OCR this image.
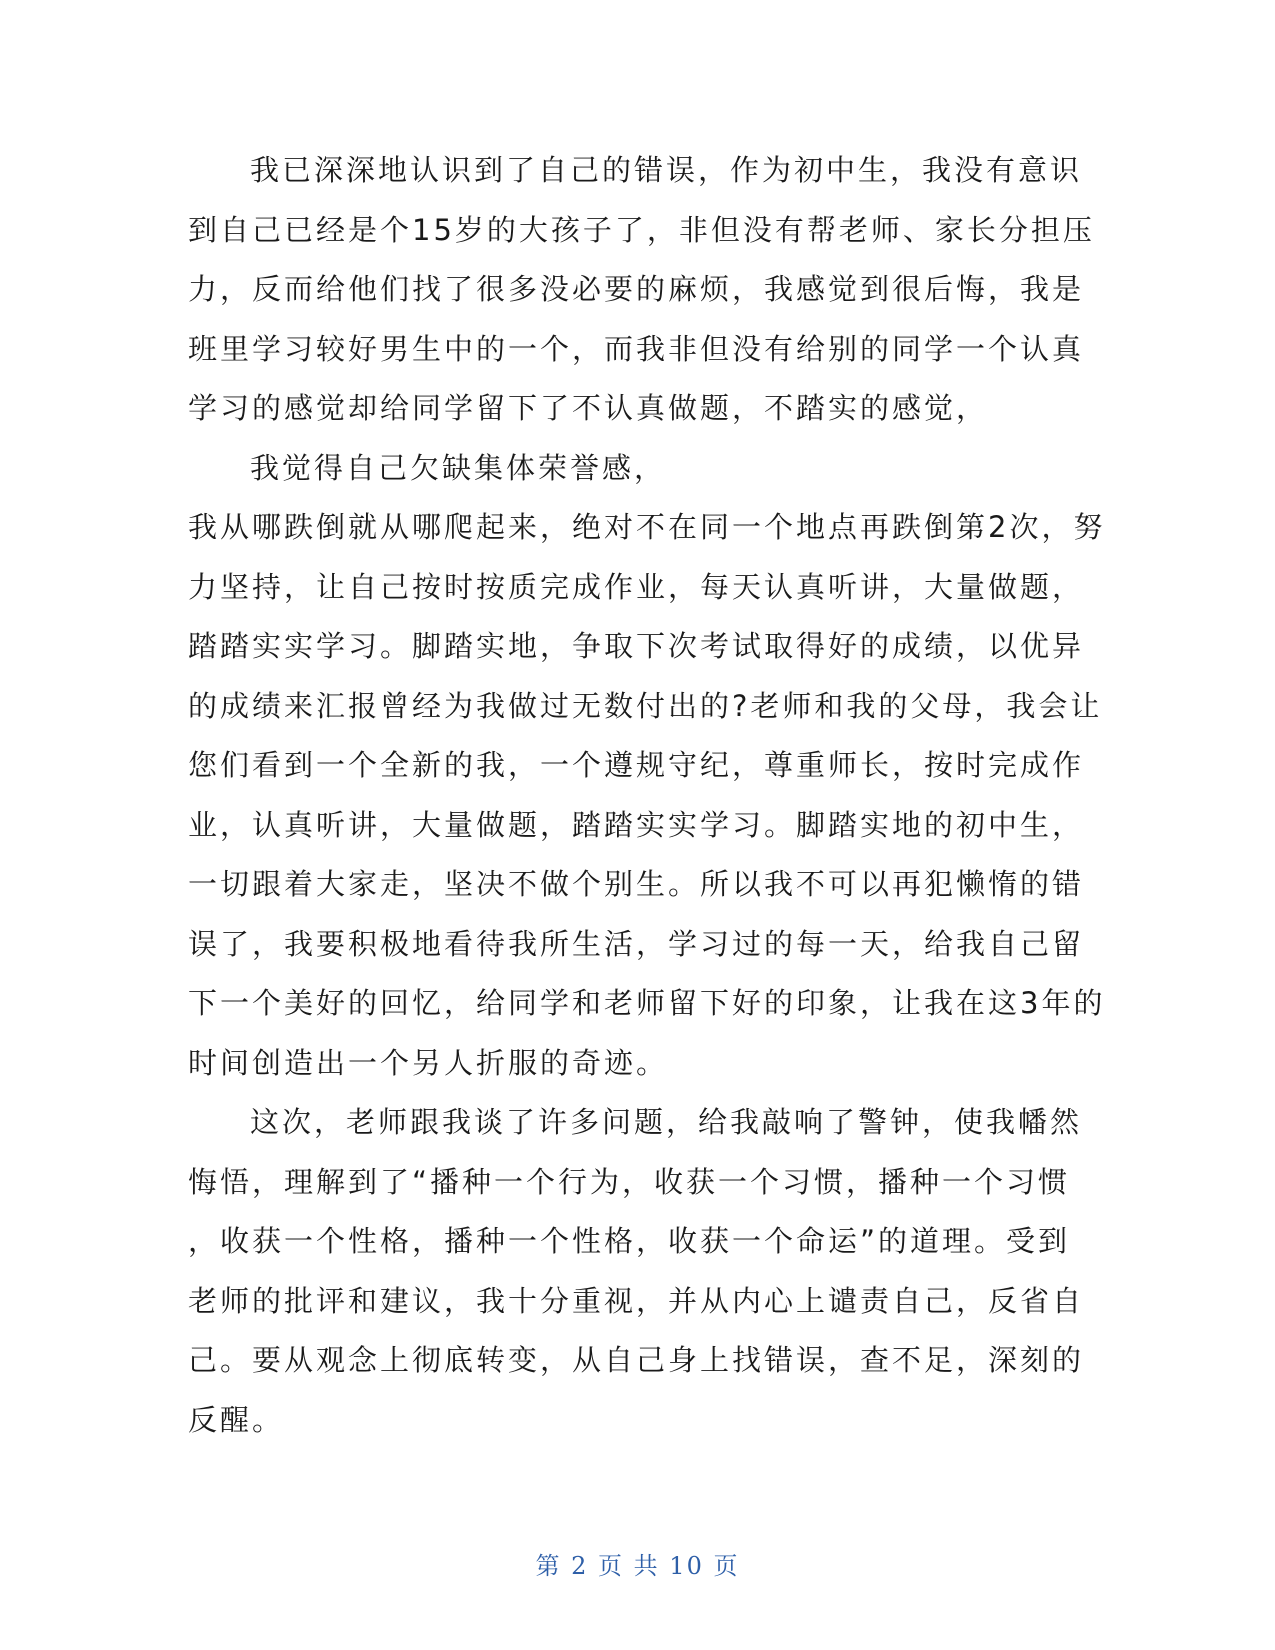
我已深深地认识到了自己的错误，作为初中生，我没有意识
到自己已经是个15岁的大孩子了，非但没有帮老师、家长分担压
力，反而给他们找了很多没必要的麻烦，我感觉到很后悔，我是
班里学习较好男生中的一个，而我非但没有给别的同学一个认真
学习的感觉却给同学留下了不认真做题，不踏实的感觉，
我觉得自己欠缺集体荣誉感，
我从哪跌倒就从哪爬起来，绝对不在同一个地点再跌倒第2次，努
力坚持，让自己按时按质完成作业，每天认真听讲，大量做题，
踏踏实实学习。脚踏实地，争取下次考试取得好的成绩，以优异
的成绩来汇报曾经为我做过无数付出的?老师和我的父母，我会让
您们看到一个全新的我，一个遵规守纪，尊重师长，按时完成作
业，认真听讲，大量做题，踏踏实实学习。脚踏实地的初中生，
一切跟着大家走，坚决不做个别生。所以我不可以再犯懒惰的错
误了，我要积极地看待我所生活，学习过的每一天，给我自己留
下一个美好的回忆，给同学和老师留下好的印象，让我在这3年的
时间创造出一个另人折服的奇迹。
这次，老师跟我谈了许多问题，给我敲响了警钟，使我幡然
悔悟，理解到了“播种一个行为，收获一个习惯，播种一个习惯
，收获一个性格，播种一个性格，收获一个命运”的道理。受到
老师的批评和建议，我十分重视，并从内心上谴责自己，反省自
己。要从观念上彻底转变，从自己身上找错误，查不足，深刻的
反醒。
第 2 页 共 10 页
